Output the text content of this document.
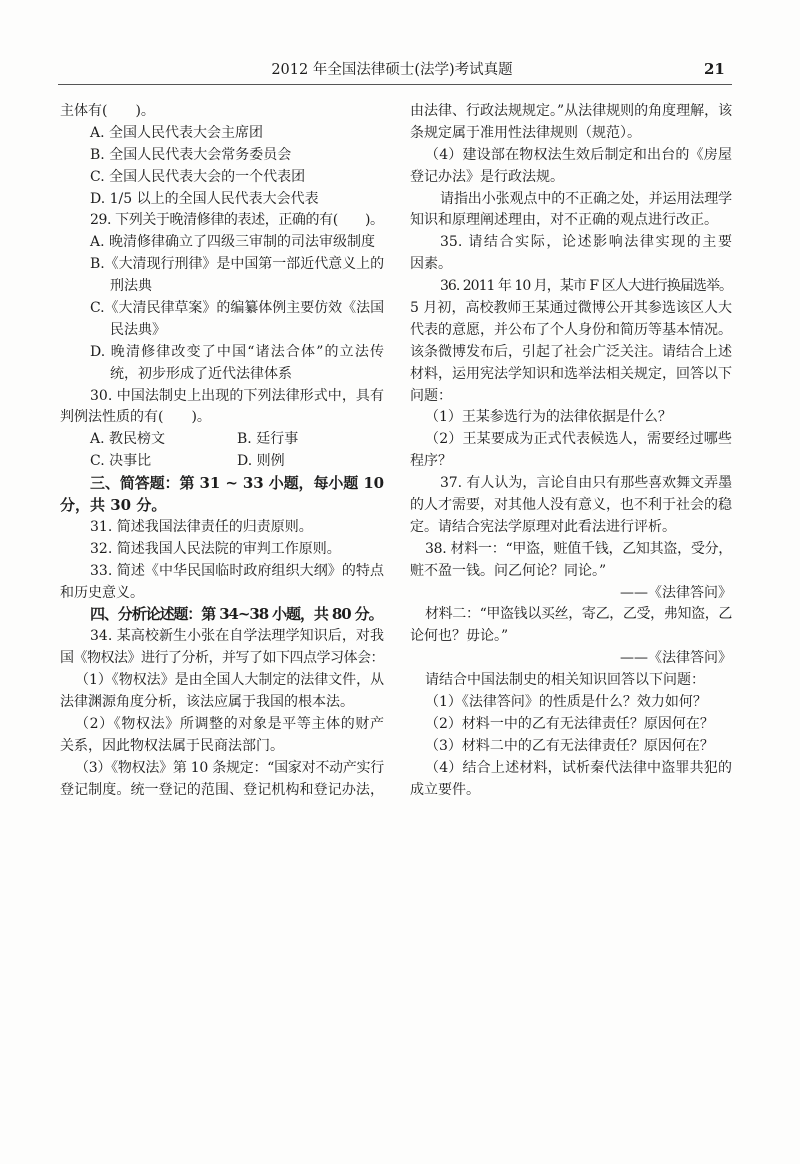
2012 年全国法律硕士(法学)考试真题	21
主体有(　　)。
A. 全国人民代表大会主席团
B. 全国人民代表大会常务委员会
C. 全国人民代表大会的一个代表团
D. 1/5 以上的全国人民代表大会代表
29. 下列关于晚清修律的表述，正确的有(　　)。
A. 晚清修律确立了四级三审制的司法审级制度
B.《大清现行刑律》是中国第一部近代意义上的
刑法典
C.《大清民律草案》的编纂体例主要仿效《法国
民法典》
D. 晚清修律改变了中国“诸法合体”的立法传
统，初步形成了近代法律体系
30. 中国法制史上出现的下列法律形式中，具有
判例法性质的有(　　)。
A. 教民榜文	B. 廷行事
C. 决事比	D. 则例
三、简答题：第 31 ~ 33 小题，每小题 10
分，共 30 分。
31. 简述我国法律责任的归责原则。
32. 简述我国人民法院的审判工作原则。
33. 简述《中华民国临时政府组织大纲》的特点
和历史意义。
四、分析论述题：第 34~38 小题，共 80 分。
34. 某高校新生小张在自学法理学知识后，对我
国《物权法》进行了分析，并写了如下四点学习体会：
（1）《物权法》是由全国人大制定的法律文件，从
法律渊源角度分析，该法应属于我国的根本法。
（2）《物权法》所调整的对象是平等主体的财产
关系，因此物权法属于民商法部门。
（3）《物权法》第 10 条规定：“国家对不动产实行
登记制度。统一登记的范围、登记机构和登记办法，
由法律、行政法规规定。”从法律规则的角度理解，该
条规定属于准用性法律规则（规范）。
（4）建设部在物权法生效后制定和出台的《房屋
登记办法》是行政法规。
请指出小张观点中的不正确之处，并运用法理学
知识和原理阐述理由，对不正确的观点进行改正。
35. 请结合实际，论述影响法律实现的主要
因素。
36. 2011 年 10 月，某市 F 区人大进行换届选举。
5 月初，高校教师王某通过微博公开其参选该区人大
代表的意愿，并公布了个人身份和简历等基本情况。
该条微博发布后，引起了社会广泛关注。请结合上述
材料，运用宪法学知识和选举法相关规定，回答以下
问题：
（1）王某参选行为的法律依据是什么？
（2）王某要成为正式代表候选人，需要经过哪些
程序？
37. 有人认为，言论自由只有那些喜欢舞文弄墨
的人才需要，对其他人没有意义，也不利于社会的稳
定。请结合宪法学原理对此看法进行评析。
38. 材料一：“甲盗，赃值千钱，乙知其盗，受分，
赃不盈一钱。问乙何论？同论。”
——《法律答问》
材料二：“甲盗钱以买丝，寄乙，乙受，弗知盗，乙
论何也？毋论。”
——《法律答问》
请结合中国法制史的相关知识回答以下问题：
（1）《法律答问》的性质是什么？效力如何？
（2）材料一中的乙有无法律责任？原因何在？
（3）材料二中的乙有无法律责任？原因何在？
（4）结合上述材料，试析秦代法律中盗罪共犯的
成立要件。
